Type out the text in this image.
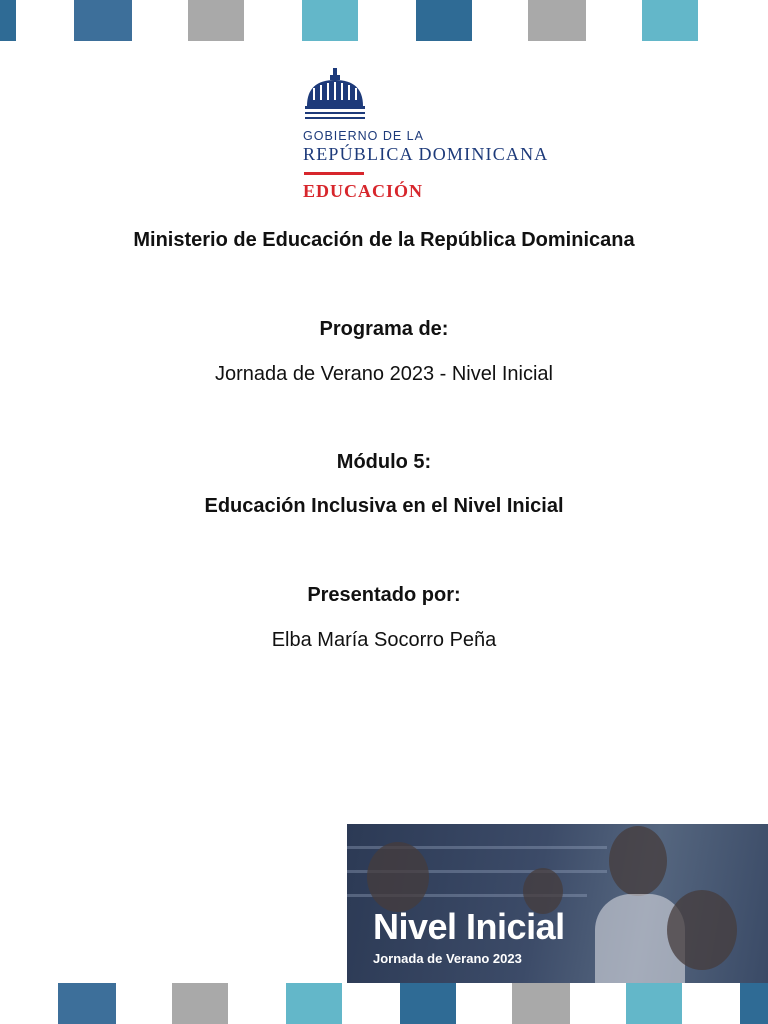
GOBIERNO DE LA
REPÚBLICA DOMINICANA
EDUCACIÓN

Ministerio de Educación de la República Dominicana

Programa de:

Jornada de Verano 2023 - Nivel Inicial

Módulo 5:

Educación Inclusiva en el Nivel Inicial

Presentado por:

Elba María Socorro Peña

Nivel Inicial

Jornada de Verano 2023
